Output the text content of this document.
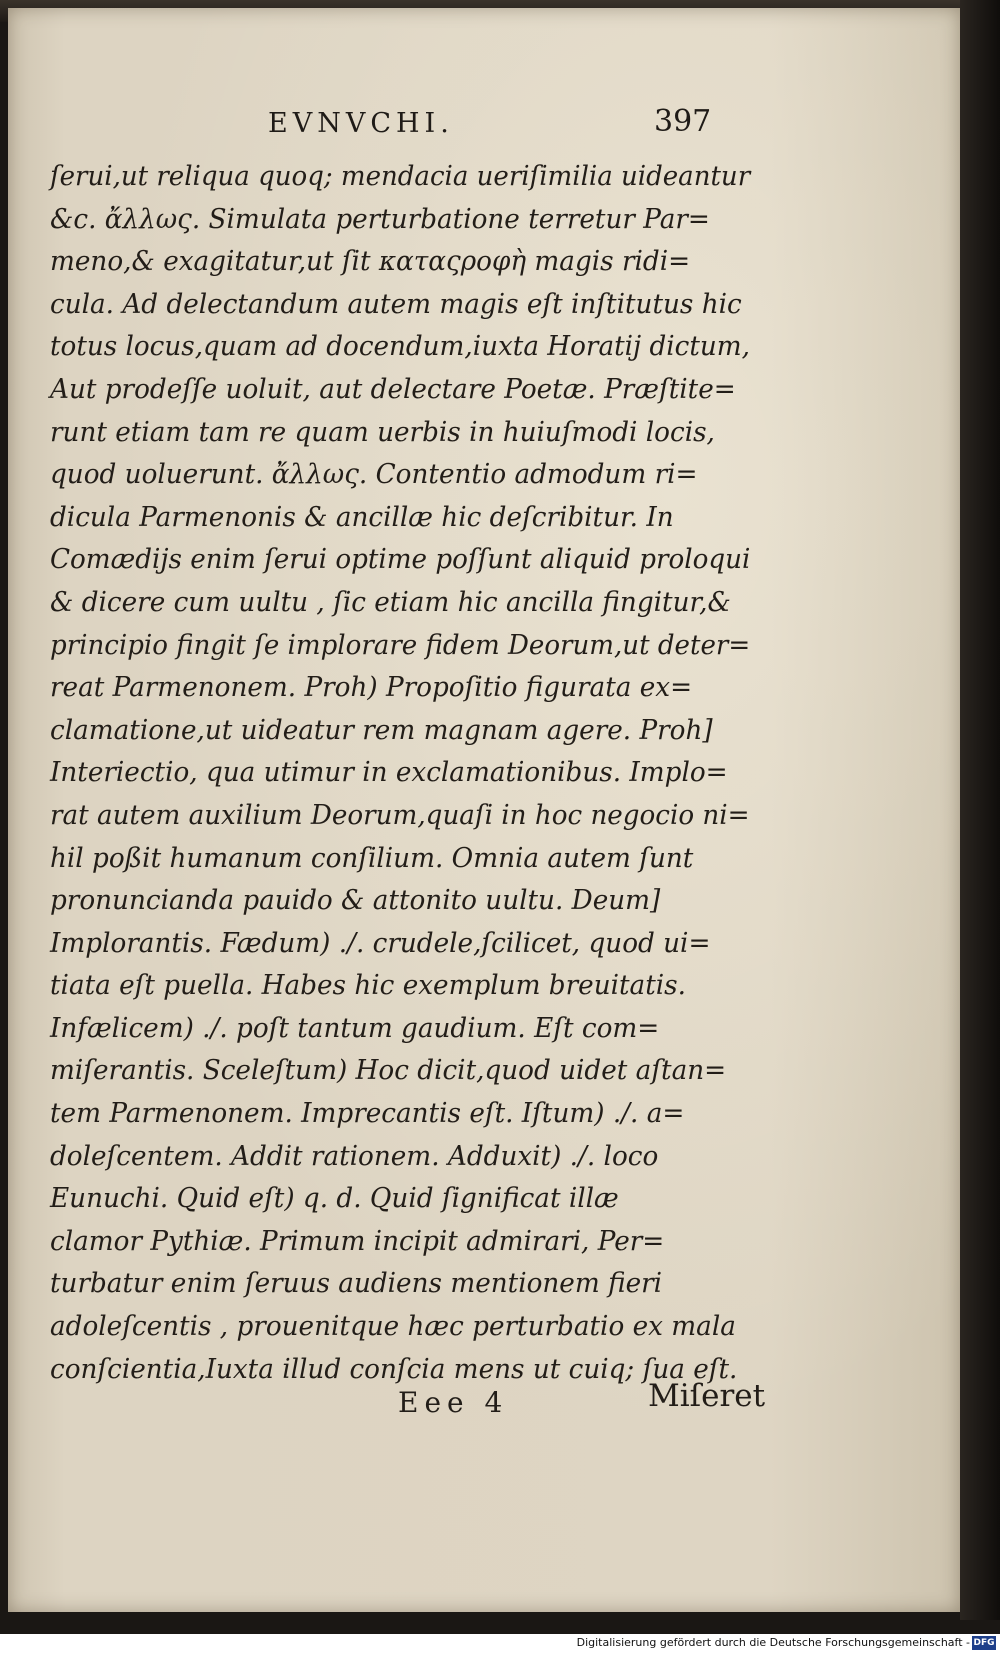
EVNVCHI.	397
ſerui,ut reliqua quoq; mendacia ueriſimilia uideantur
&c. ἄλλως. Simulata perturbatione terretur Par=
meno,& exagitatur,ut ſit καταςροφὴ magis ridi=
cula. Ad delectandum autem magis eſt inſtitutus hic
totus locus,quam ad docendum,iuxta Horatij dictum,
Aut prodeſſe uoluit, aut delectare Poetæ. Præſtite=
runt etiam tam re quam uerbis in huiuſmodi locis,
quod uoluerunt. ἄλλως. Contentio admodum ri=
dicula Parmenonis & ancillæ hic deſcribitur. In
Comædijs enim ſerui optime poſſunt aliquid proloqui
& dicere cum uultu , ſic etiam hic ancilla fingitur,&
principio fingit ſe implorare fidem Deorum,ut deter=
reat Parmenonem. Proh) Propoſitio figurata ex=
clamatione,ut uideatur rem magnam agere. Proh]
Interiectio, qua utimur in exclamationibus. Implo=
rat autem auxilium Deorum,quaſi in hoc negocio ni=
hil poßit humanum conſilium. Omnia autem ſunt
pronuncianda pauido & attonito uultu. Deum]
Implorantis. Fædum) ./. crudele,ſcilicet, quod ui=
tiata eſt puella. Habes hic exemplum breuitatis.
Infælicem) ./. poſt tantum gaudium. Eſt com=
miſerantis. Sceleſtum) Hoc dicit,quod uidet aſtan=
tem Parmenonem. Imprecantis eſt. Iſtum) ./. a=
doleſcentem. Addit rationem. Adduxit) ./. loco
Eunuchi. Quid eſt) q. d. Quid ſignificat illæ
clamor Pythiæ. Primum incipit admirari, Per=
turbatur enim ſeruus audiens mentionem fieri
adoleſcentis , prouenitque hæc perturbatio ex mala
conſcientia,Iuxta illud conſcia mens ut cuiq; ſua eſt.
Eee 4	Miſeret
Digitalisierung gefördert durch die Deutsche Forschungsgemeinschaft - DFG
